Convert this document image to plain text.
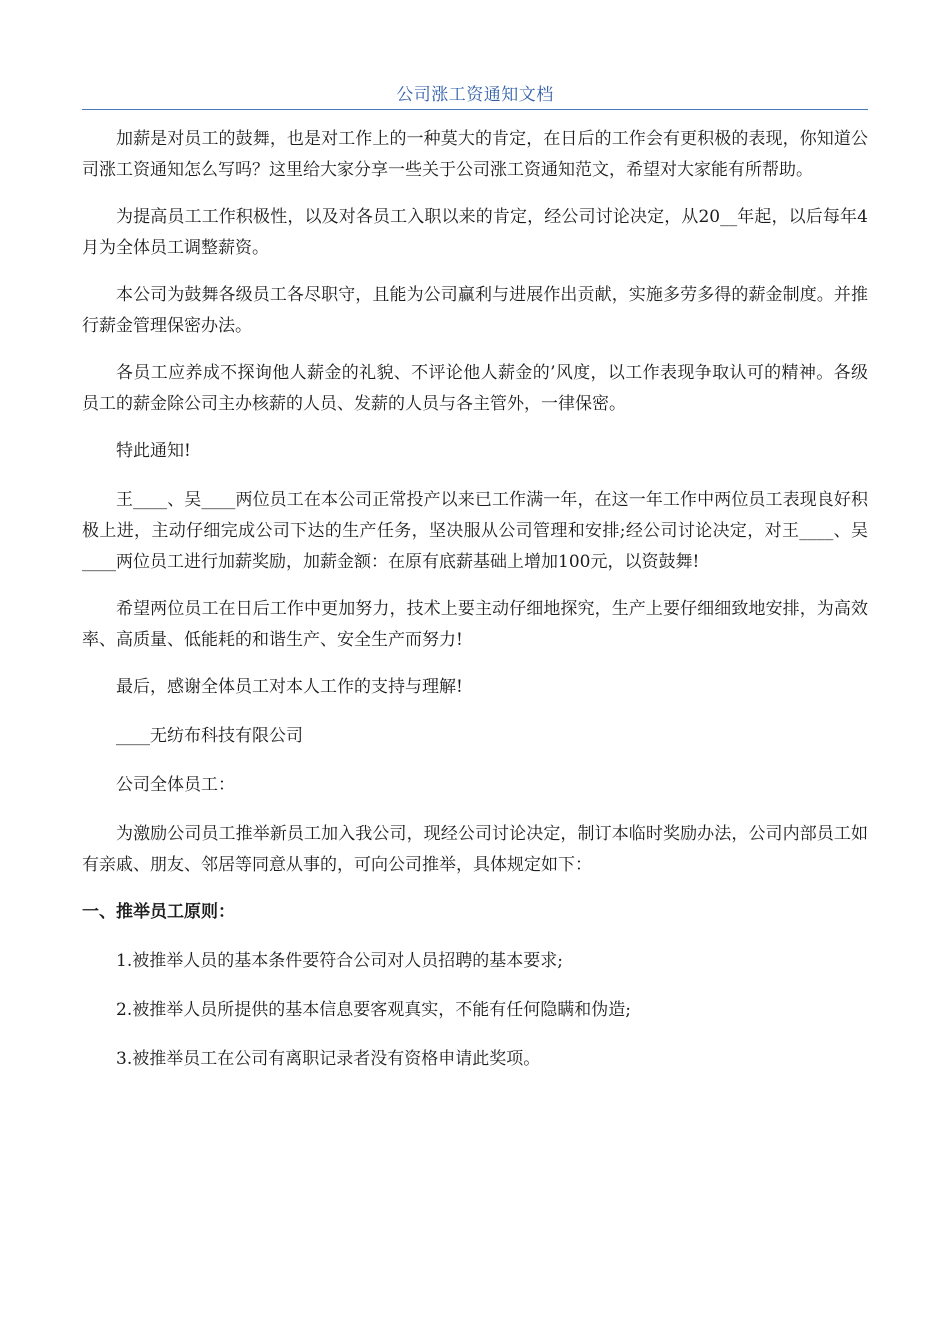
公司涨工资通知文档

加薪是对员工的鼓舞，也是对工作上的一种莫大的肯定，在日后的工作会有更积极的表现，你知道公司涨工资通知怎么写吗？这里给大家分享一些关于公司涨工资通知范文，希望对大家能有所帮助。

为提高员工工作积极性，以及对各员工入职以来的肯定，经公司讨论决定，从20__年起，以后每年4月为全体员工调整薪资。

本公司为鼓舞各级员工各尽职守，且能为公司赢利与进展作出贡献，实施多劳多得的薪金制度。并推行薪金管理保密办法。

各员工应养成不探询他人薪金的礼貌、不评论他人薪金的’风度，以工作表现争取认可的精神。各级员工的薪金除公司主办核薪的人员、发薪的人员与各主管外，一律保密。

特此通知!

王____、吴____两位员工在本公司正常投产以来已工作满一年，在这一年工作中两位员工表现良好积极上进，主动仔细完成公司下达的生产任务，坚决服从公司管理和安排;经公司讨论决定，对王____、吴____两位员工进行加薪奖励，加薪金额：在原有底薪基础上增加100元，以资鼓舞!

希望两位员工在日后工作中更加努力，技术上要主动仔细地探究，生产上要仔细细致地安排，为高效率、高质量、低能耗的和谐生产、安全生产而努力!

最后，感谢全体员工对本人工作的支持与理解!

____无纺布科技有限公司

公司全体员工：

为激励公司员工推举新员工加入我公司，现经公司讨论决定，制订本临时奖励办法，公司内部员工如有亲戚、朋友、邻居等同意从事的，可向公司推举，具体规定如下：

一、推举员工原则：

1.被推举人员的基本条件要符合公司对人员招聘的基本要求;

2.被推举人员所提供的基本信息要客观真实，不能有任何隐瞒和伪造;

3.被推举员工在公司有离职记录者没有资格申请此奖项。
